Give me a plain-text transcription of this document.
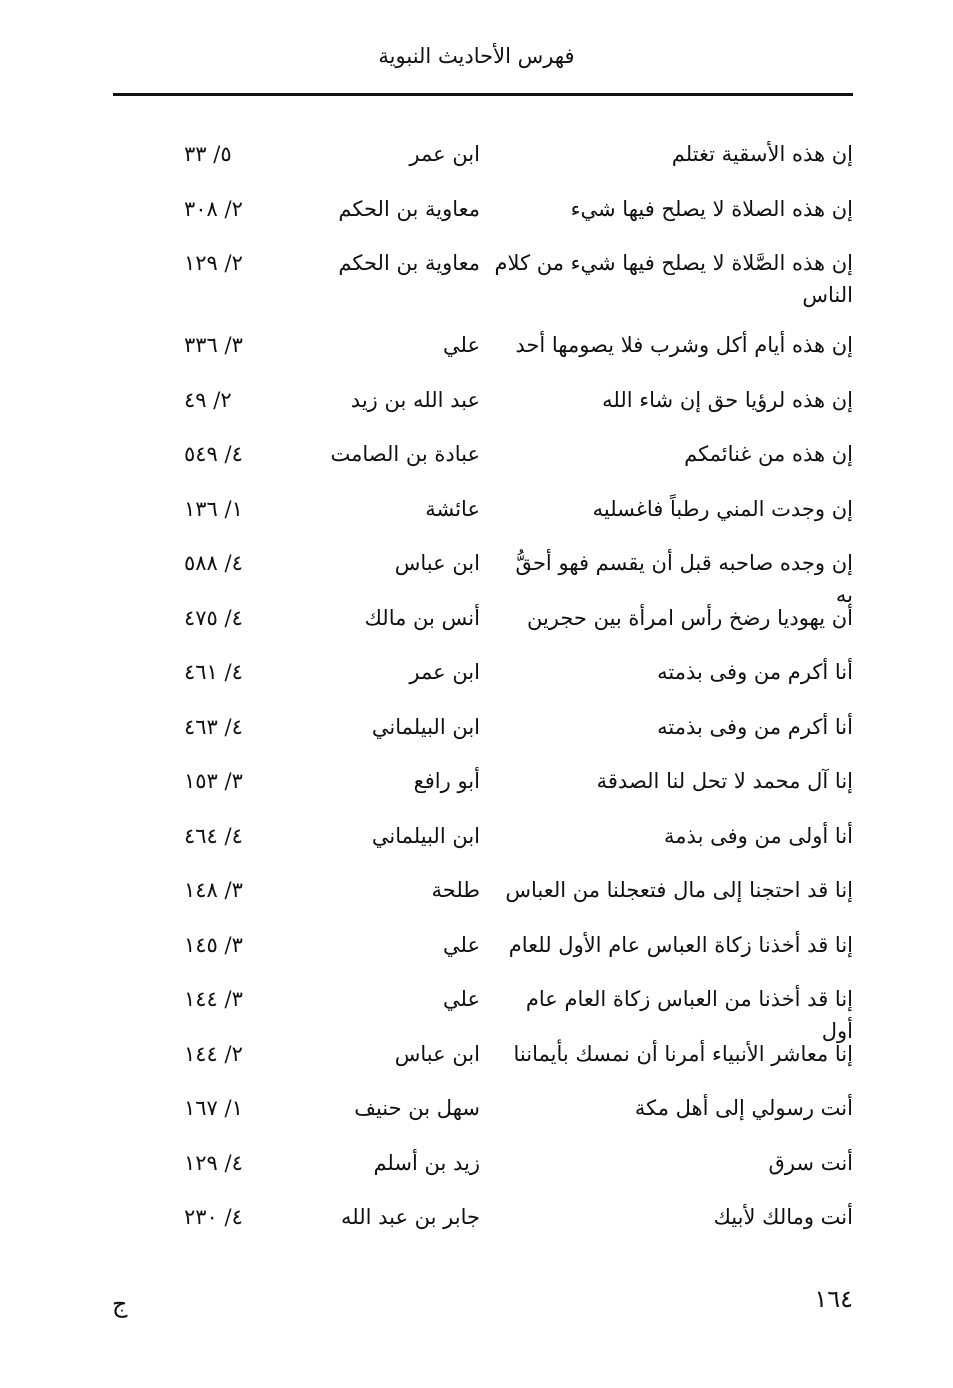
فهرس الأحاديث النبوية
إن هذه الأسقية تغتلم
ابن عمر
٥/ ٣٣
إن هذه الصلاة لا يصلح فيها شيء
معاوية بن الحكم
٢/ ٣٠٨
إن هذه الصَّلاة لا يصلح فيها شيء من كلام الناس
معاوية بن الحكم
٢/ ١٢٩
إن هذه أيام أكل وشرب فلا يصومها أحد
علي
٣/ ٣٣٦
إن هذه لرؤيا حق إن شاء الله
عبد الله بن زيد
٢/ ٤٩
إن هذه من غنائمكم
عبادة بن الصامت
٤/ ٥٤٩
إن وجدت المني رطباً فاغسليه
عائشة
١/ ١٣٦
إن وجده صاحبه قبل أن يقسم فهو أحقُّ به
ابن عباس
٤/ ٥٨٨
أن يهوديا رضخ رأس امرأة بين حجرين
أنس بن مالك
٤/ ٤٧٥
أنا أكرم من وفى بذمته
ابن عمر
٤/ ٤٦١
أنا أكرم من وفى بذمته
ابن البيلماني
٤/ ٤٦٣
إنا آل محمد لا تحل لنا الصدقة
أبو رافع
٣/ ١٥٣
أنا أولى من وفى بذمة
ابن البيلماني
٤/ ٤٦٤
إنا قد احتجنا إلى مال فتعجلنا من العباس
طلحة
٣/ ١٤٨
إنا قد أخذنا زكاة العباس عام الأول للعام
علي
٣/ ١٤٥
إنا قد أخذنا من العباس زكاة العام عام أول
علي
٣/ ١٤٤
إنا معاشر الأنبياء أمرنا أن نمسك بأيماننا
ابن عباس
٢/ ١٤٤
أنت رسولي إلى أهل مكة
سهل بن حنيف
١/ ١٦٧
أنت سرق
زيد بن أسلم
٤/ ١٢٩
أنت ومالك لأبيك
جابر بن عبد الله
٤/ ٢٣٠
١٦٤
ج
